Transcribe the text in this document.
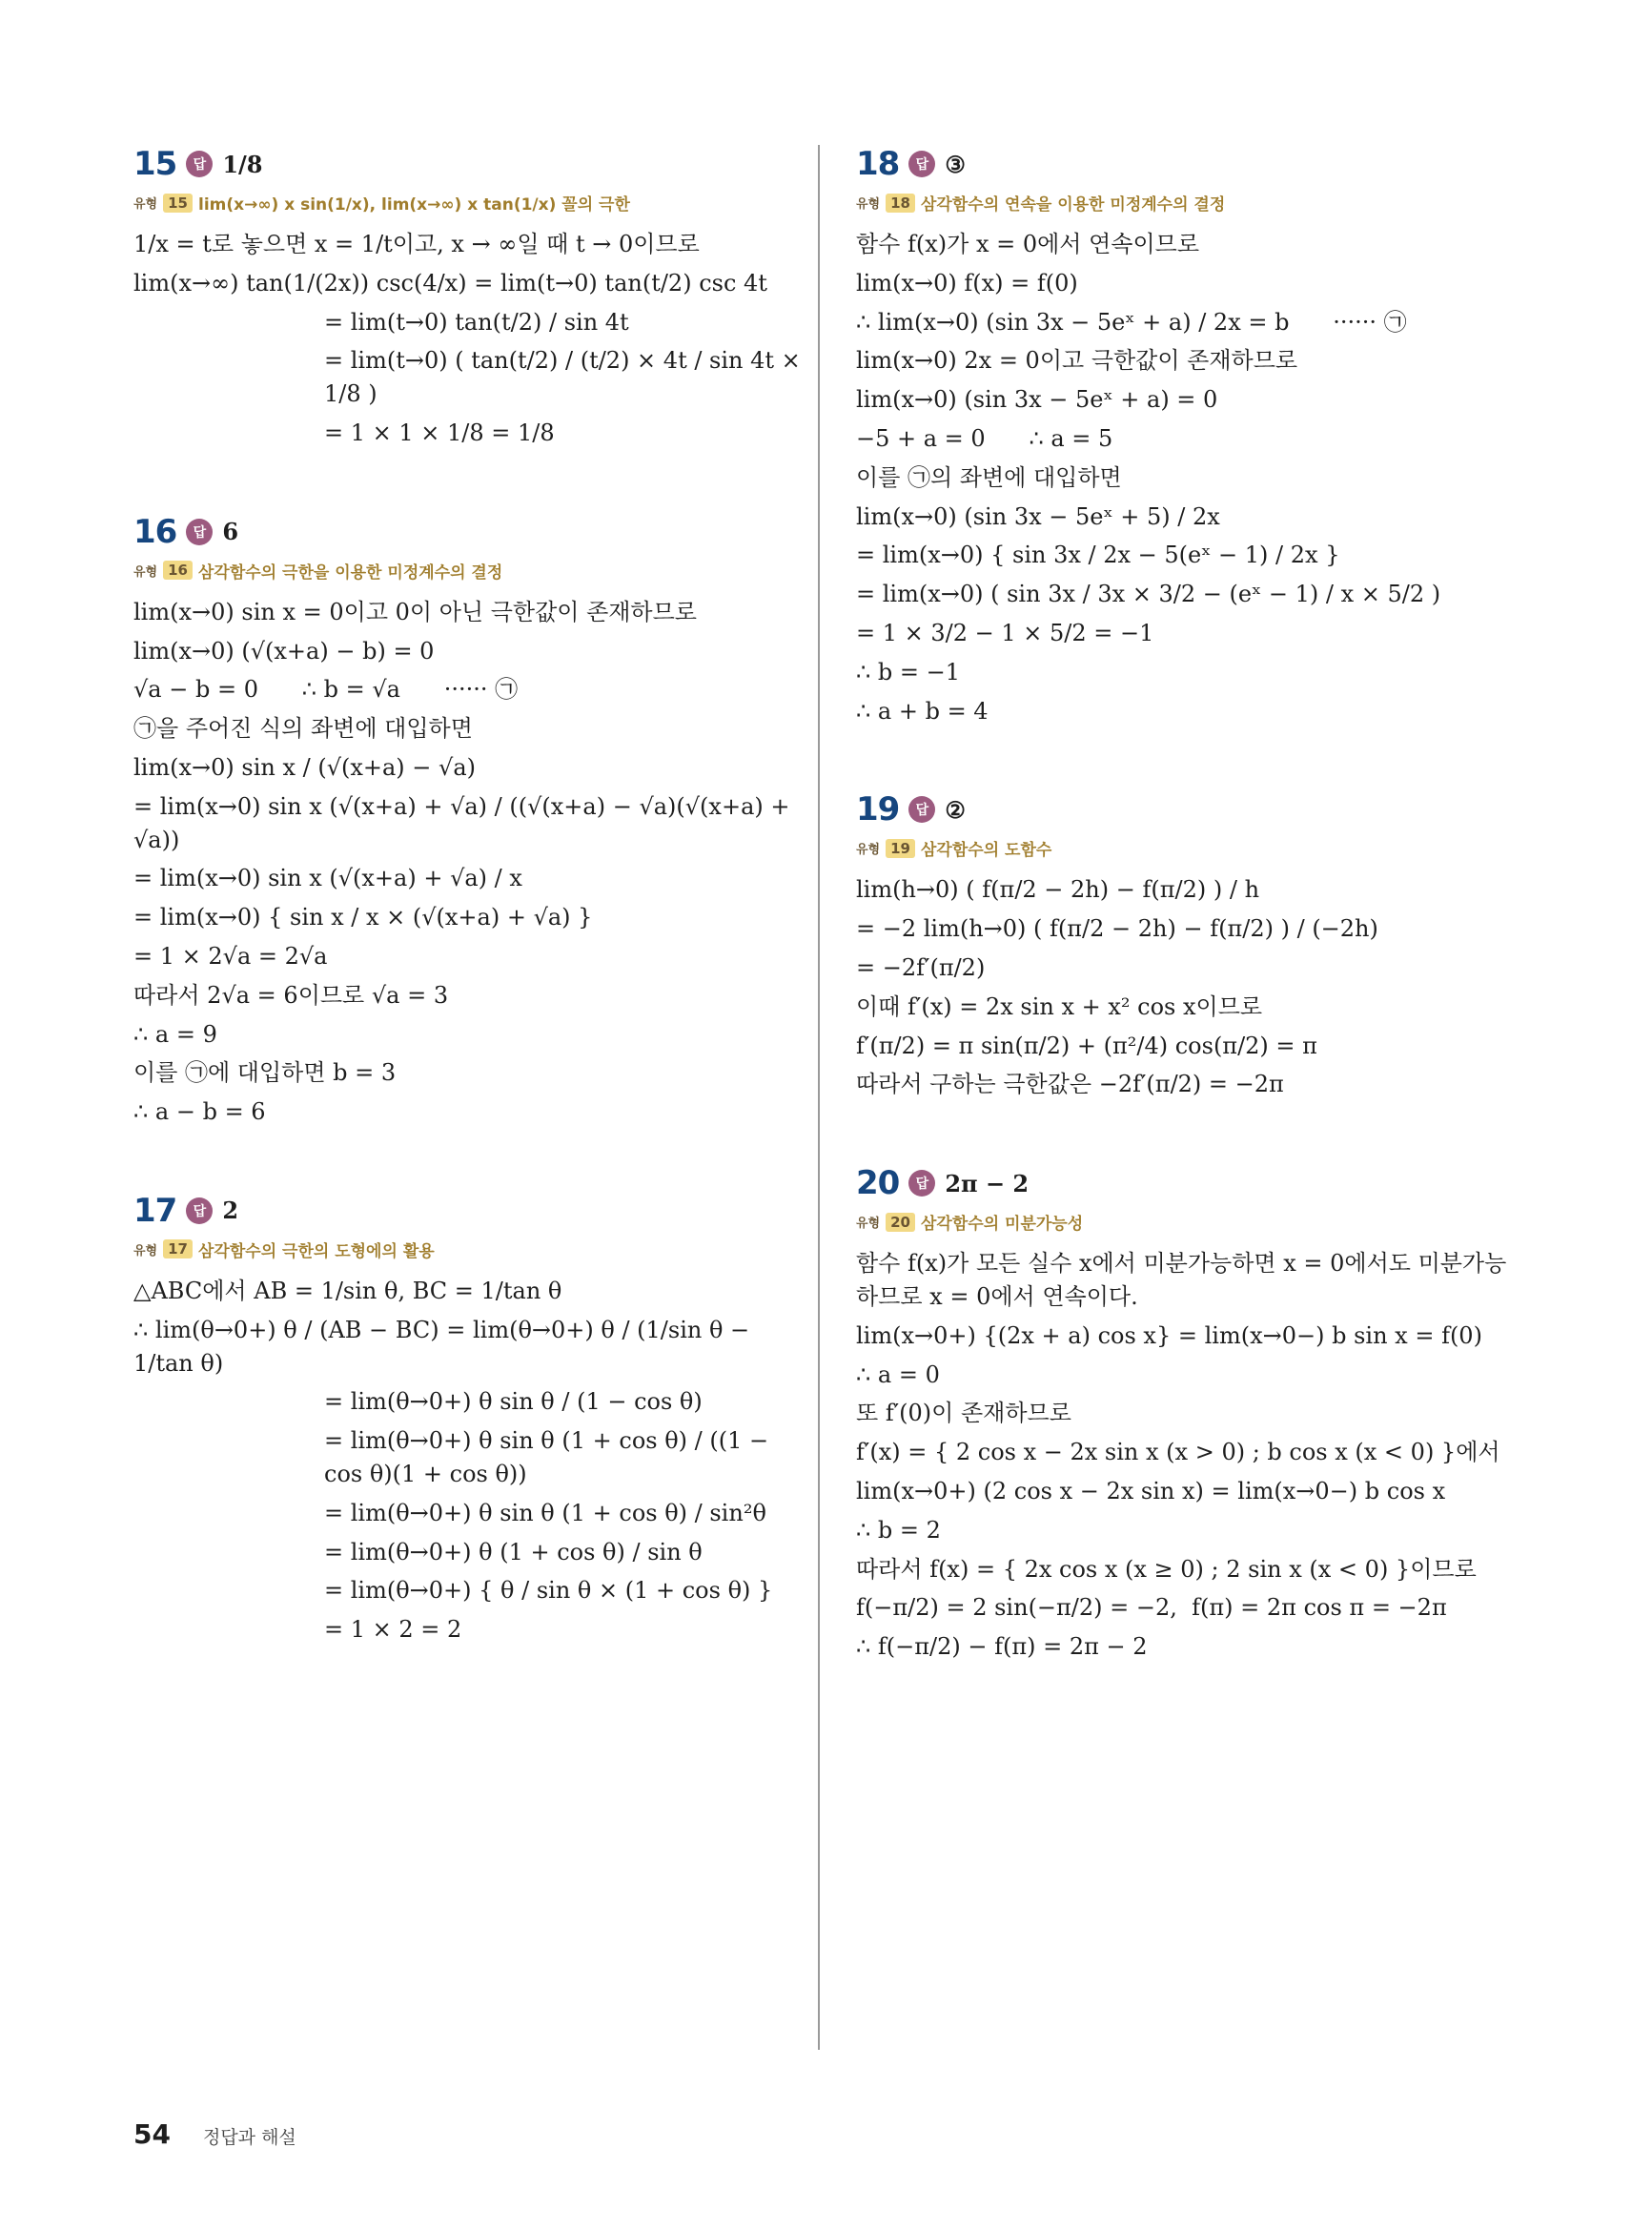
15	답 1/8
유형 15 lim(x→∞) x sin(1/x), lim(x→∞) x tan(1/x) 꼴의 극한
1/x = t로 놓으면 x = 1/t이고, x → ∞일 때 t → 0이므로
lim(x→∞) tan(1/(2x)) csc(4/x) = lim(t→0) tan(t/2) csc 4t
= lim(t→0) tan(t/2) / sin 4t
= lim(t→0) ( tan(t/2) / (t/2) × 4t / sin 4t × 1/8 )
= 1 × 1 × 1/8 = 1/8
16	답 6
유형 16 삼각함수의 극한을 이용한 미정계수의 결정
lim(x→0) sin x = 0이고 0이 아닌 극한값이 존재하므로
lim(x→0) (√(x+a) − b) = 0
√a − b = 0      ∴ b = √a      ······ ㉠
㉠을 주어진 식의 좌변에 대입하면
lim(x→0) sin x / (√(x+a) − √a)
= lim(x→0) sin x (√(x+a) + √a) / ((√(x+a) − √a)(√(x+a) + √a))
= lim(x→0) sin x (√(x+a) + √a) / x
= lim(x→0) { sin x / x × (√(x+a) + √a) }
= 1 × 2√a = 2√a
따라서 2√a = 6이므로 √a = 3
∴ a = 9
이를 ㉠에 대입하면 b = 3
∴ a − b = 6
17	답 2
유형 17 삼각함수의 극한의 도형에의 활용
△ABC에서 AB = 1/sin θ, BC = 1/tan θ
∴ lim(θ→0+) θ / (AB − BC) = lim(θ→0+) θ / (1/sin θ − 1/tan θ)
= lim(θ→0+) θ sin θ / (1 − cos θ)
= lim(θ→0+) θ sin θ (1 + cos θ) / ((1 − cos θ)(1 + cos θ))
= lim(θ→0+) θ sin θ (1 + cos θ) / sin²θ
= lim(θ→0+) θ (1 + cos θ) / sin θ
= lim(θ→0+) { θ / sin θ × (1 + cos θ) }
= 1 × 2 = 2
18	답 ③
유형 18 삼각함수의 연속을 이용한 미정계수의 결정
함수 f(x)가 x = 0에서 연속이므로
lim(x→0) f(x) = f(0)
∴ lim(x→0) (sin 3x − 5eˣ + a) / 2x = b      ······ ㉠
lim(x→0) 2x = 0이고 극한값이 존재하므로
lim(x→0) (sin 3x − 5eˣ + a) = 0
−5 + a = 0      ∴ a = 5
이를 ㉠의 좌변에 대입하면
lim(x→0) (sin 3x − 5eˣ + 5) / 2x
= lim(x→0) { sin 3x / 2x − 5(eˣ − 1) / 2x }
= lim(x→0) ( sin 3x / 3x × 3/2 − (eˣ − 1) / x × 5/2 )
= 1 × 3/2 − 1 × 5/2 = −1
∴ b = −1
∴ a + b = 4
19	답 ②
유형 19 삼각함수의 도함수
lim(h→0) ( f(π/2 − 2h) − f(π/2) ) / h
= −2 lim(h→0) ( f(π/2 − 2h) − f(π/2) ) / (−2h)
= −2f′(π/2)
이때 f′(x) = 2x sin x + x² cos x이므로
f′(π/2) = π sin(π/2) + (π²/4) cos(π/2) = π
따라서 구하는 극한값은 −2f′(π/2) = −2π
20	답 2π − 2
유형 20 삼각함수의 미분가능성
함수 f(x)가 모든 실수 x에서 미분가능하면 x = 0에서도 미분가능하므로 x = 0에서 연속이다.
lim(x→0+) {(2x + a) cos x} = lim(x→0−) b sin x = f(0)
∴ a = 0
또 f′(0)이 존재하므로
f′(x) = { 2 cos x − 2x sin x (x > 0) ; b cos x (x < 0) }에서
lim(x→0+) (2 cos x − 2x sin x) = lim(x→0−) b cos x
∴ b = 2
따라서 f(x) = { 2x cos x (x ≥ 0) ; 2 sin x (x < 0) }이므로
f(−π/2) = 2 sin(−π/2) = −2,  f(π) = 2π cos π = −2π
∴ f(−π/2) − f(π) = 2π − 2
54 정답과 해설
